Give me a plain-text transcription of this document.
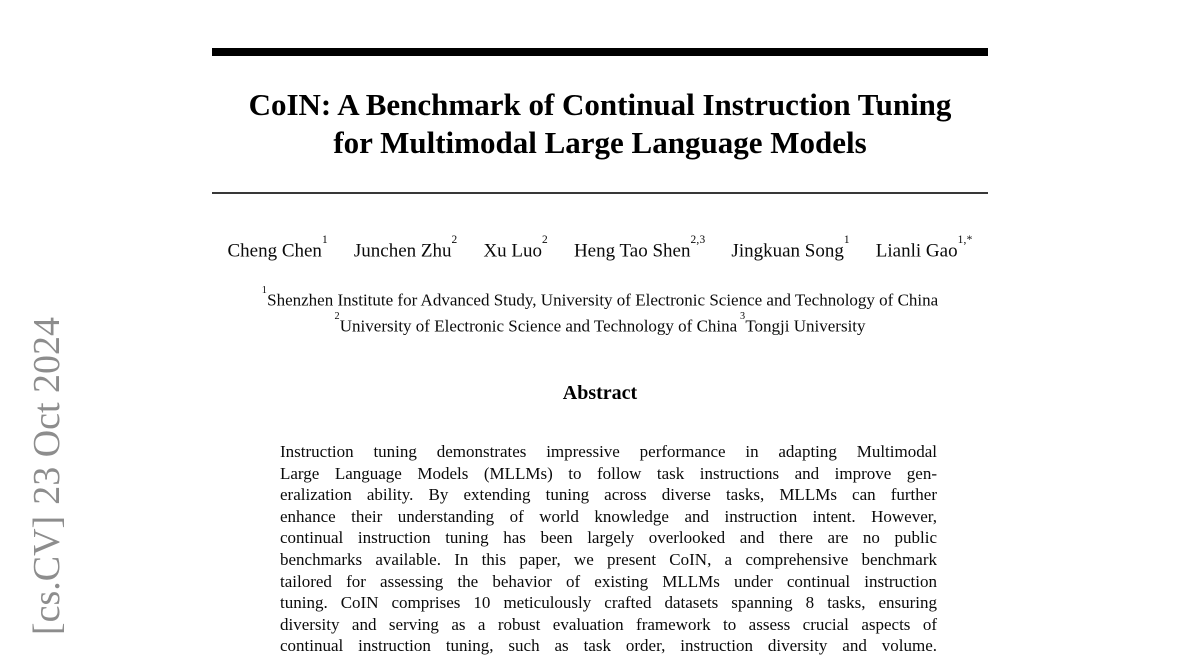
CoIN: A Benchmark of Continual Instruction Tuning
for Multimodal Large Language Models
Cheng Chen$^1$
Junchen Zhu$^2$
Xu Luo$^2$
Heng Tao Shen$^{2,3}$
Jingkuan Song$^1$
Lianli Gao$^{1,*}$
$^1$Shenzhen Institute for Advanced Study, University of Electronic Science and Technology of China
$^2$University of Electronic Science and Technology of China $^3$Tongji University
Abstract
Instruction tuning demonstrates impressive performance in adapting Multimodal
Large Language Models (MLLMs) to follow task instructions and improve gen-
eralization ability. By extending tuning across diverse tasks, MLLMs can further
enhance their understanding of world knowledge and instruction intent. However,
continual instruction tuning has been largely overlooked and there are no public
benchmarks available. In this paper, we present CoIN, a comprehensive benchmark
tailored for assessing the behavior of existing MLLMs under continual instruction
tuning. CoIN comprises 10 meticulously crafted datasets spanning 8 tasks, ensuring
diversity and serving as a robust evaluation framework to assess crucial aspects of
continual instruction tuning, such as task order, instruction diversity and volume.
[cs.CV]
23 Oct 2024
